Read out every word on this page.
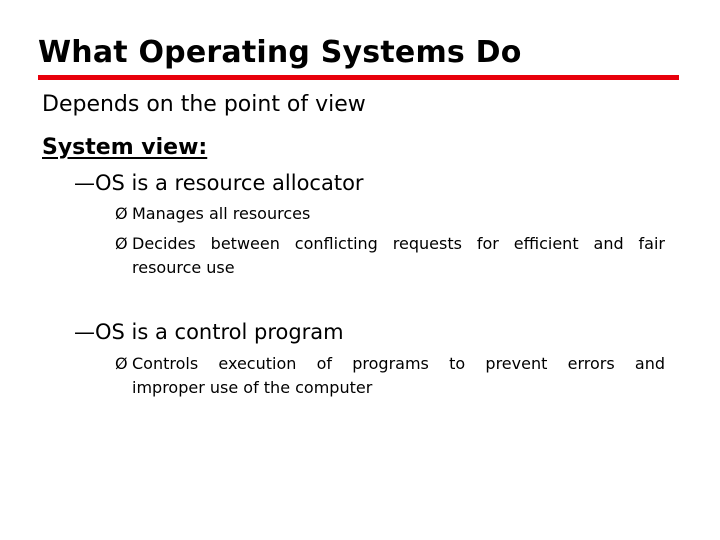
What Operating Systems Do

Depends on the point of view

System view:

—OS is a resource allocator

Ø Manages all resources

Ø Decides between conflicting requests for efficient and fair

resource use

—OS is a control program

Ø Controls execution of programs to prevent errors and

improper use of the computer
